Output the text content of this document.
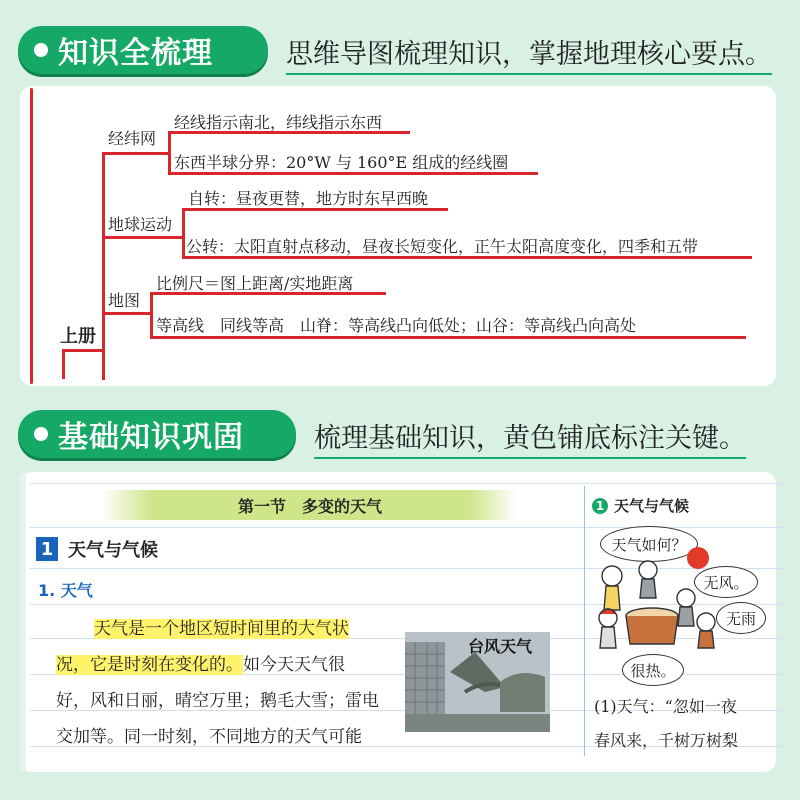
知识全梳理	思维导图梳理知识，掌握地理核心要点。
上册
经纬网
经线指示南北，纬线指示东西
东西半球分界：20°W 与 160°E 组成的经线圈
地球运动
自转：昼夜更替，地方时东早西晚
公转：太阳直射点移动，昼夜长短变化，正午太阳高度变化，四季和五带
地图
比例尺＝图上距离/实地距离
等高线　同线等高　山脊：等高线凸向低处；山谷：等高线凸向高处
基础知识巩固	梳理基础知识，黄色铺底标注关键。
第一节　多变的天气
1 天气与气候
1. 天气
天气是一个地区短时间里的大气状
况，它是时刻在变化的。如今天天气很
好，风和日丽，晴空万里；鹅毛大雪；雷电
交加等。同一时刻，不同地方的天气可能
台风天气
1 天气与气候
天气如何？
无风。
无雨
很热。
(1)天气：“忽如一夜
春风来，千树万树梨
